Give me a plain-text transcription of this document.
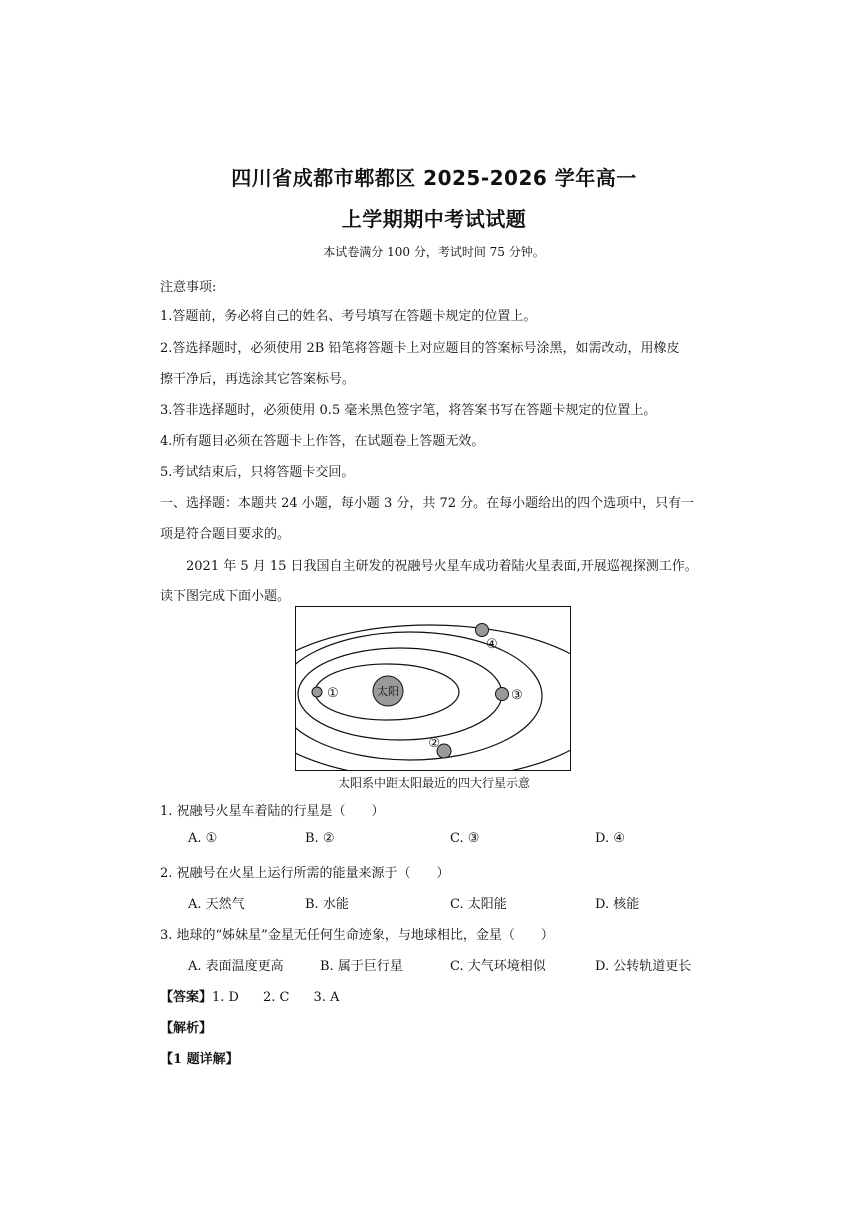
四川省成都市郫都区 2025-2026 学年高一
上学期期中考试试题
本试卷满分 100 分，考试时间 75 分钟。
注意事项:
1.答题前，务必将自己的姓名、考号填写在答题卡规定的位置上。
2.答选择题时，必须使用 2B 铅笔将答题卡上对应题目的答案标号涂黑，如需改动，用橡皮
擦干净后，再选涂其它答案标号。
3.答非选择题时，必须使用 0.5 毫米黑色签字笔，将答案书写在答题卡规定的位置上。
4.所有题目必须在答题卡上作答，在试题卷上答题无效。
5.考试结束后，只将答题卡交回。
一、选择题：本题共 24 小题，每小题 3 分，共 72 分。在每小题给出的四个选项中，只有一
项是符合题目要求的。
2021 年 5 月 15 日我国自主研发的祝融号火星车成功着陆火星表面,开展巡视探测工作。
读下图完成下面小题。
太阳
①
②
③
④
太阳系中距太阳最近的四大行星示意
1. 祝融号火星车着陆的行星是（　　）
A. ①	B. ②	C. ③	D. ④
2. 祝融号在火星上运行所需的能量来源于（　　）
A. 天然气	B. 水能	C. 太阳能	D. 核能
3. 地球的“姊妹星”金星无任何生命迹象，与地球相比，金星（　　）
A. 表面温度更高	B. 属于巨行星	C. 大气环境相似	D. 公转轨道更长
【答案】1. D 2. C 3. A
【解析】
【1 题详解】
